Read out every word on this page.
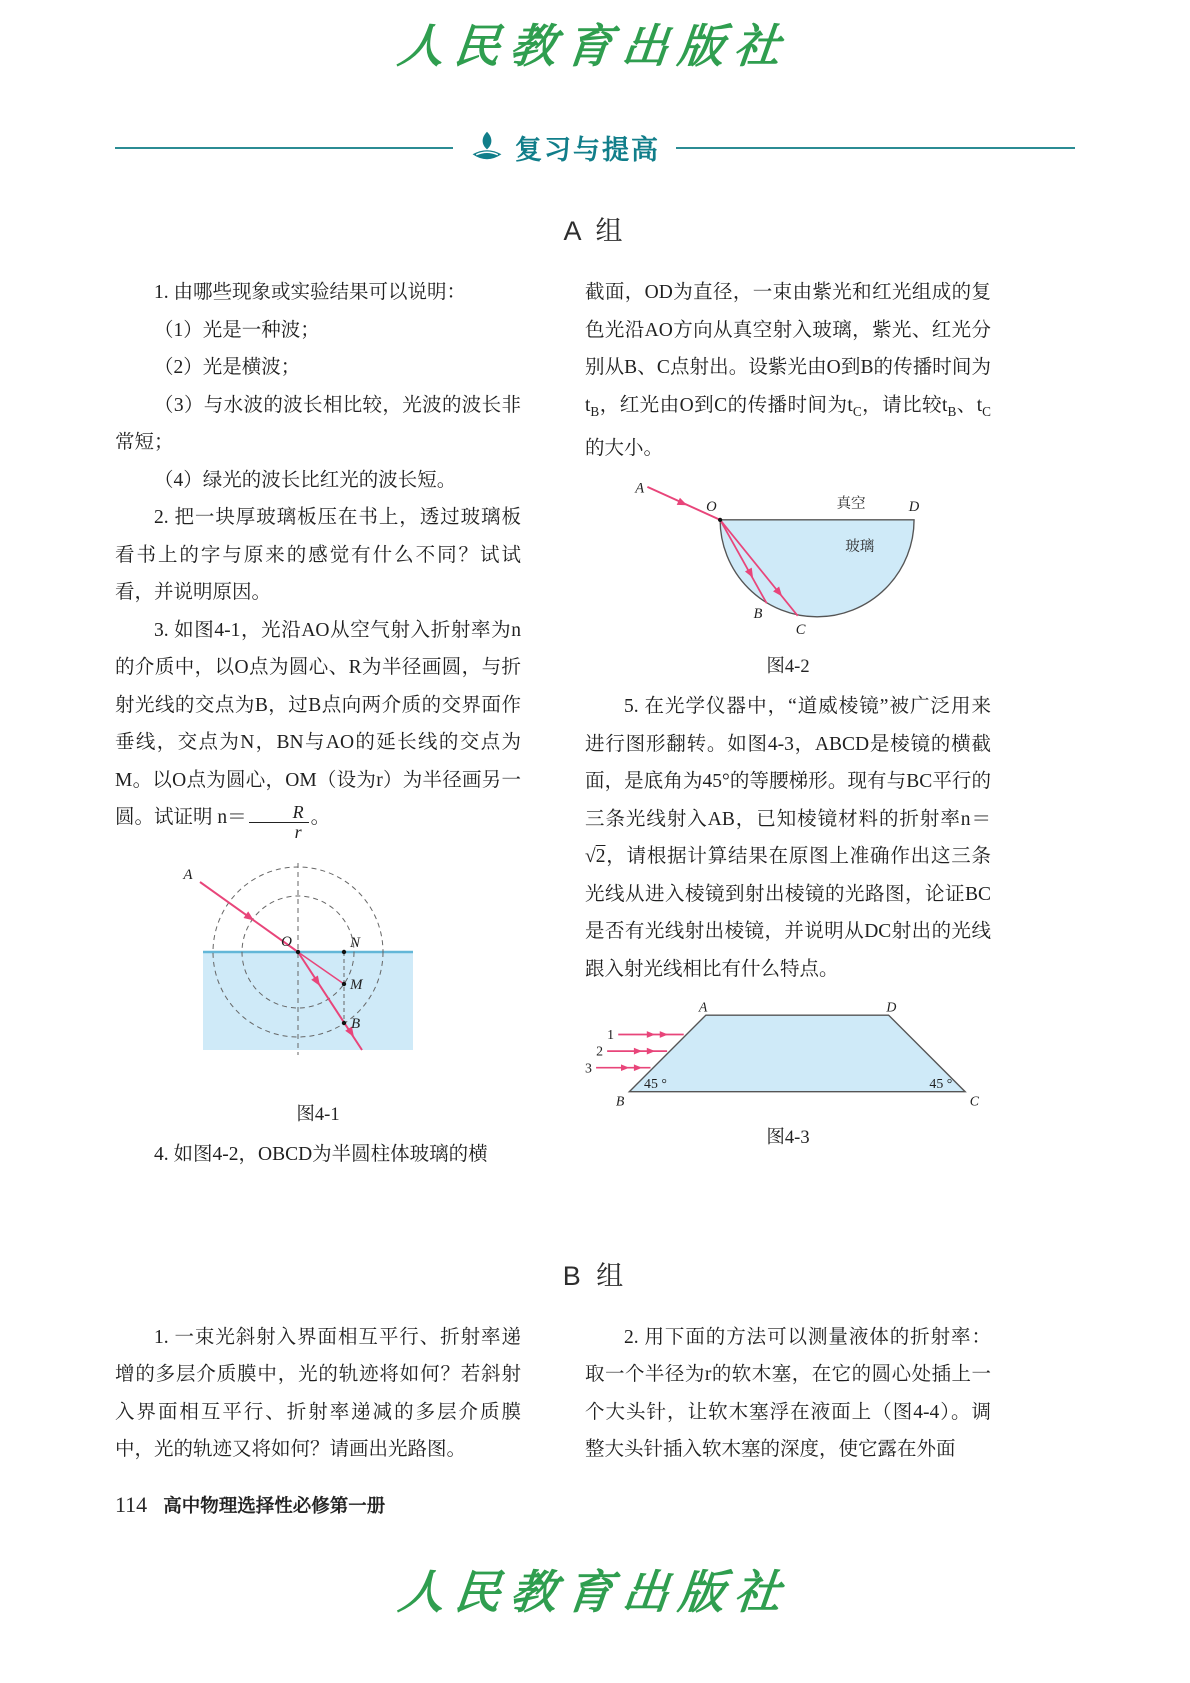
人民教育出版社
复习与提高
A 组

1. 由哪些现象或实验结果可以说明：

（1）光是一种波；

（2）光是横波；

（3）与水波的波长相比较，光波的波长非常短；

（4）绿光的波长比红光的波长短。

2. 把一块厚玻璃板压在书上，透过玻璃板看书上的字与原来的感觉有什么不同？试试看，并说明原因。

3. 如图4-1，光沿AO从空气射入折射率为n的介质中，以O点为圆心、R为半径画圆，与折射光线的交点为B，过B点向两介质的交界面作垂线，交点为N，BN与AO的延长线的交点为M。以O点为圆心，OM（设为r）为半径画另一圆。试证明 $n= \frac{R}{r}$ 。

A
O	N
M
B
图4-1

4. 如图4-2，OBCD为半圆柱体玻璃的横

截面，OD为直径，一束由紫光和红光组成的复色光沿AO方向从真空射入玻璃，紫光、红光分别从B、C点射出。设紫光由O到B的传播时间为$t_B$，红光由O到C的传播时间为$t_C$，请比较$t_B$、$t_C$的大小。

A
O	D
真空
玻璃
B
C
图4-2

5. 在光学仪器中，“道威棱镜”被广泛用来进行图形翻转。如图4-3，ABCD是棱镜的横截面，是底角为45°的等腰梯形。现有与BC平行的三条光线射入AB，已知棱镜材料的折射率n＝√2，请根据计算结果在原图上准确作出这三条光线从进入棱镜到射出棱镜的光路图，论证BC是否有光线射出棱镜，并说明从DC射出的光线跟入射光线相比有什么特点。

1
2
3
A	D
B	C
45 °	45 °
图4-3
B 组

1. 一束光斜射入界面相互平行、折射率递增的多层介质膜中，光的轨迹将如何？若斜射入界面相互平行、折射率递减的多层介质膜中，光的轨迹又将如何？请画出光路图。

2. 用下面的方法可以测量液体的折射率：取一个半径为r的软木塞，在它的圆心处插上一个大头针，让软木塞浮在液面上（图4-4）。调整大头针插入软木塞的深度，使它露在外面

114 高中物理选择性必修第一册
人民教育出版社
